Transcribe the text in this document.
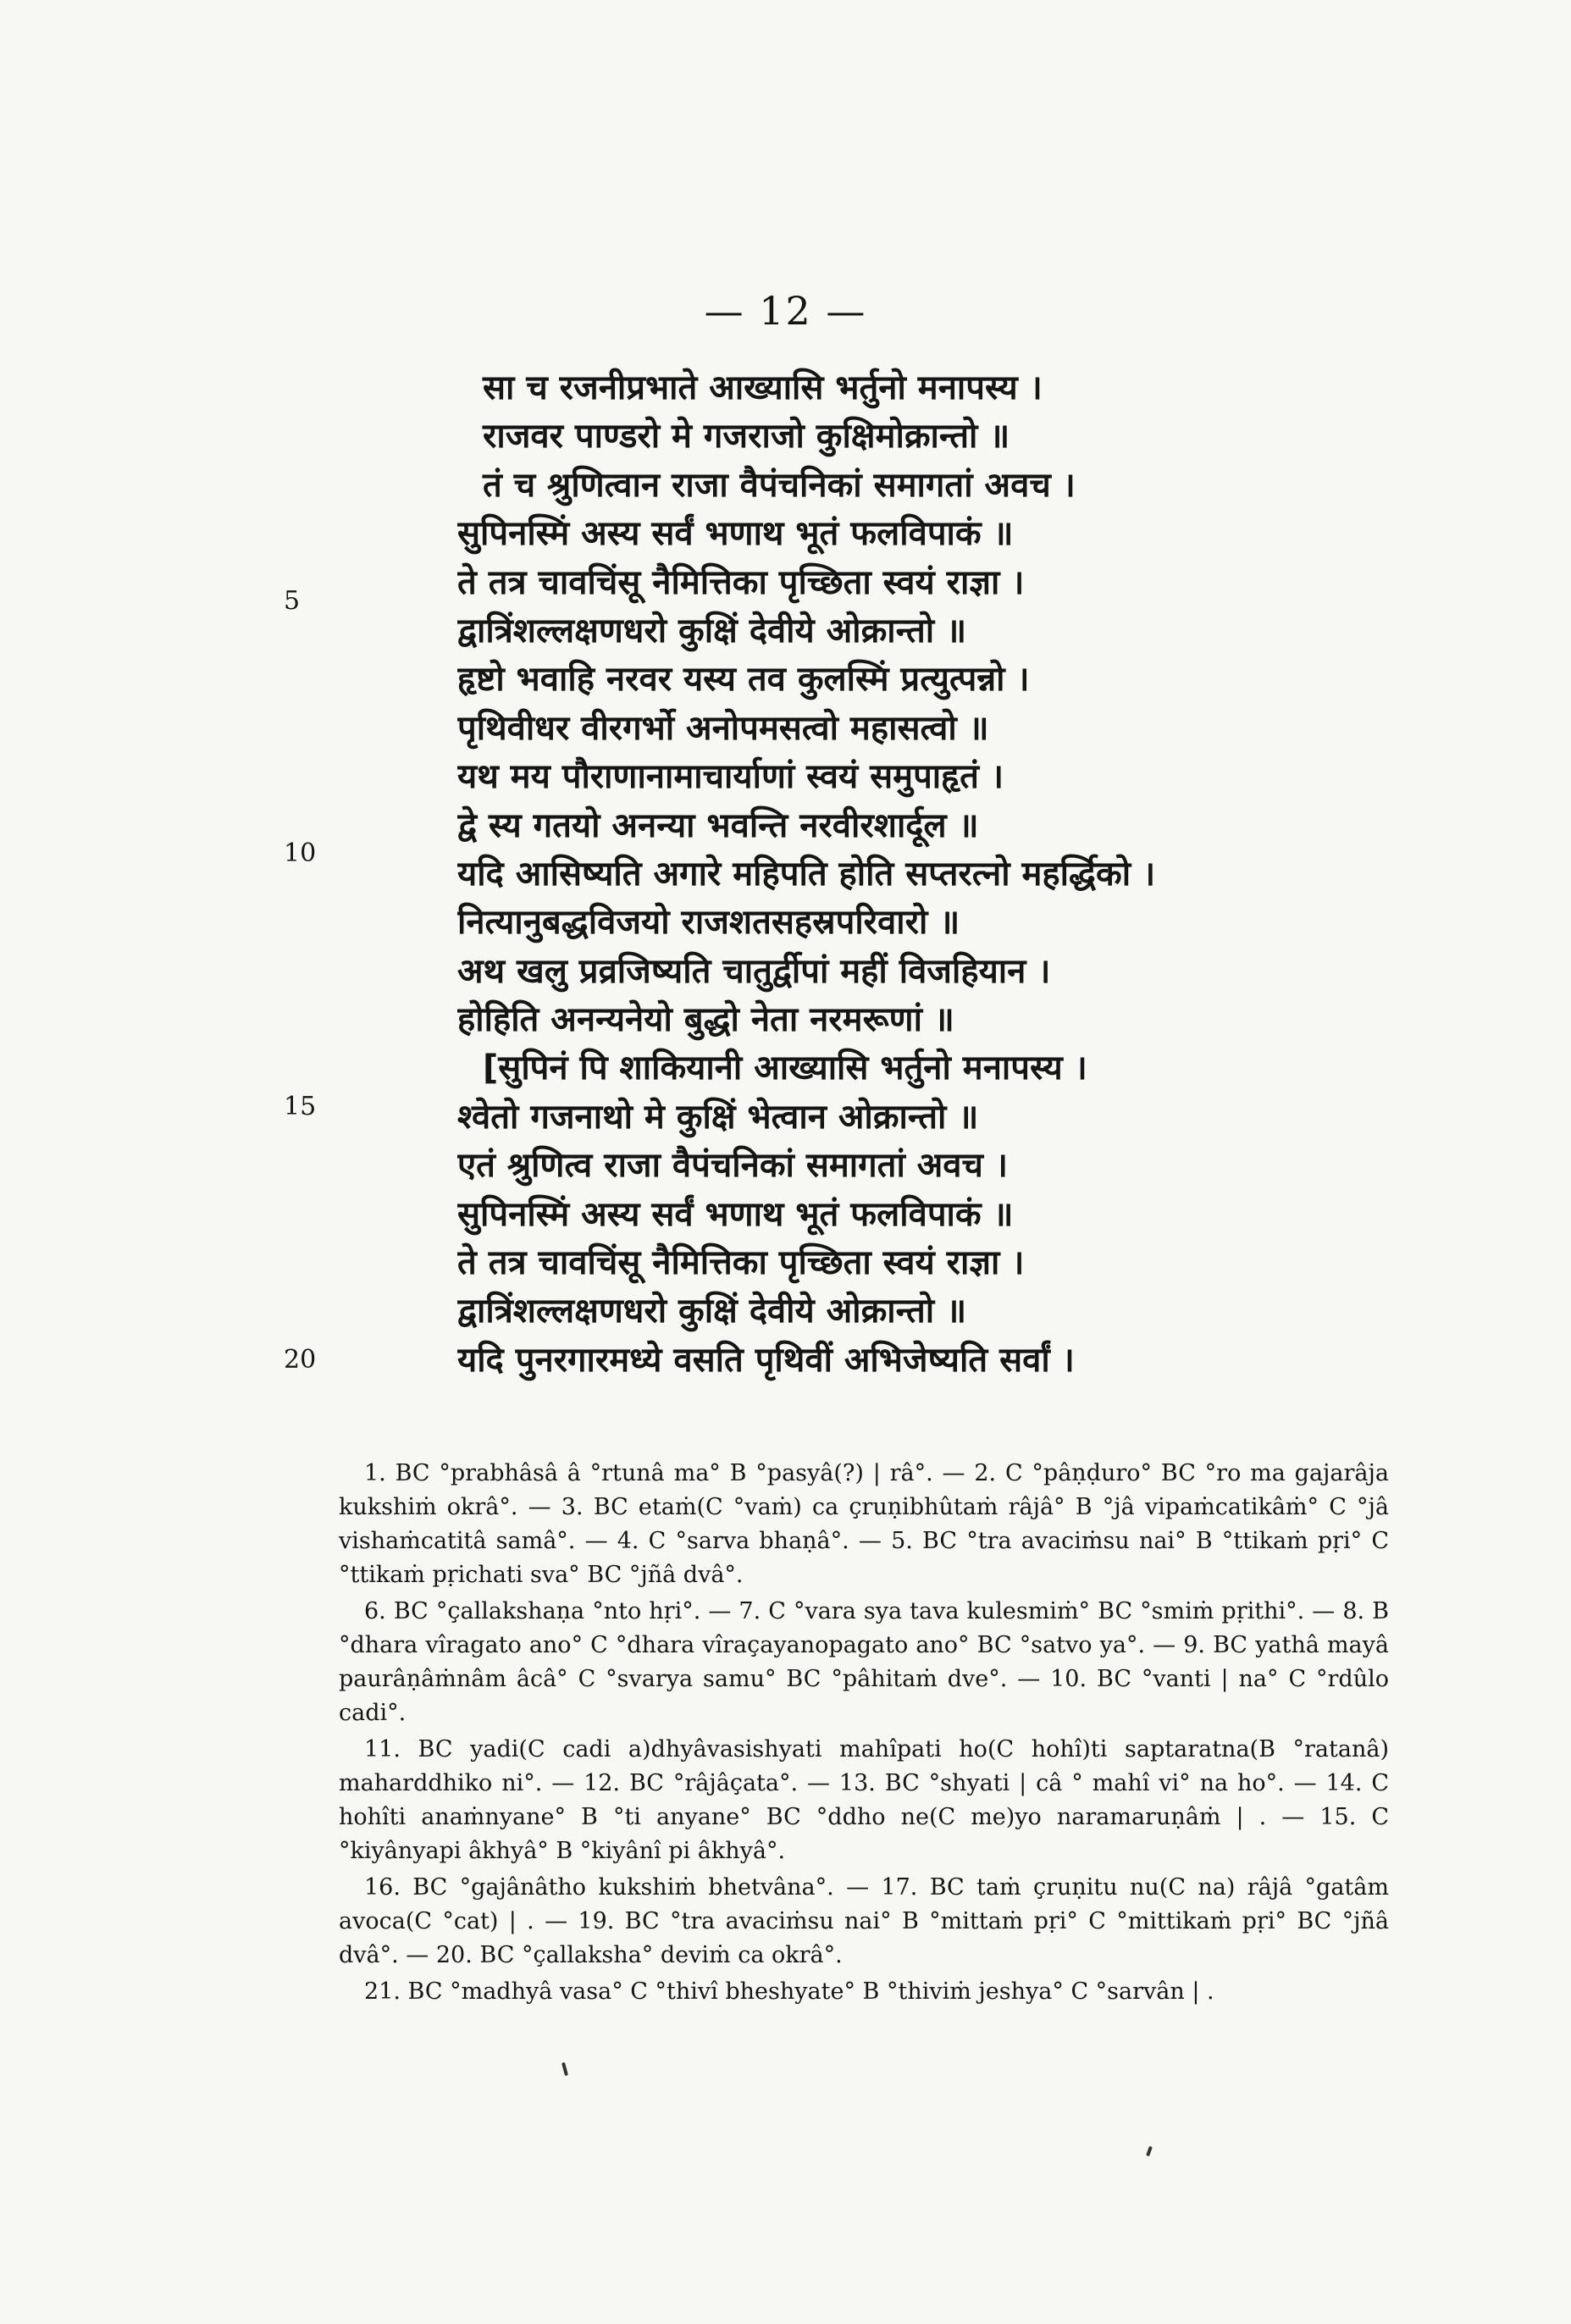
— 12 —
5
10
15
20
सा च रजनीप्रभाते आख्यासि भर्तुनो मनापस्य ।
राजवर पाण्डरो मे गजराजो कुक्षिमोक्रान्तो ॥
तं च श्रुणित्वान राजा वैपंचनिकां समागतां अवच ।
सुपिनस्मिं अस्य सर्वं भणाथ भूतं फलविपाकं ॥
ते तत्र चावचिंसू नैमित्तिका पृच्छिता स्वयं राज्ञा ।
द्वात्रिंशल्लक्षणधरो कुक्षिं देवीये ओक्रान्तो ॥
हृष्टो भवाहि नरवर यस्य तव कुलस्मिं प्रत्युत्पन्नो ।
पृथिवीधर वीरगर्भो अनोपमसत्वो महासत्वो ॥
यथ मय पौराणानामाचार्याणां स्वयं समुपाहृतं ।
द्वे स्य गतयो अनन्या भवन्ति नरवीरशार्दूल ॥
यदि आसिष्यति अगारे महिपति होति सप्तरत्नो महर्द्धिको ।
नित्यानुबद्धविजयो राजशतसहस्रपरिवारो ॥
अथ खलु प्रव्रजिष्यति चातुर्द्वीपां महीं विजहियान ।
होहिति अनन्यनेयो बुद्धो नेता नरमरूणां ॥
[सुपिनं पि शाकियानी आख्यासि भर्तुनो मनापस्य ।
श्वेतो गजनाथो मे कुक्षिं भेत्वान ओक्रान्तो ॥
एतं श्रुणित्व राजा वैपंचनिकां समागतां अवच ।
सुपिनस्मिं अस्य सर्वं भणाथ भूतं फलविपाकं ॥
ते तत्र चावचिंसू नैमित्तिका पृच्छिता स्वयं राज्ञा ।
द्वात्रिंशल्लक्षणधरो कुक्षिं देवीये ओक्रान्तो ॥
यदि पुनरगारमध्ये वसति पृथिवीं अभिजेष्यति सर्वां ।

1. BC °prabhâsâ â °rtunâ ma° B °pasyâ(?) | râ°. — 2. C °pâṇḍuro° BC °ro ma gajarâja kukshiṁ okrâ°. — 3. BC etaṁ(C °vaṁ) ca çruṇibhûtaṁ râjâ° B °jâ vipaṁcatikâṁ° C °jâ vishaṁcatitâ samâ°. — 4. C °sarva bhaṇâ°. — 5. BC °tra avaciṁsu nai° B °ttikaṁ pṛi° C °ttikaṁ pṛichati sva° BC °jñâ dvâ°.

6. BC °çallakshaṇa °nto hṛi°. — 7. C °vara sya tava kulesmiṁ° BC °smiṁ pṛithi°. — 8. B °dhara vîragato ano° C °dhara vîraçayanopagato ano° BC °satvo ya°. — 9. BC yathâ mayâ paurâṇâṁnâm âcâ° C °svarya samu° BC °pâhitaṁ dve°. — 10. BC °vanti | na° C °rdûlo cadi°.

11. BC yadi(C cadi a)dhyâvasishyati mahîpati ho(C hohî)ti saptaratna(B °ratanâ) maharddhiko ni°. — 12. BC °râjâçata°. — 13. BC °shyati | câ ° mahî vi° na ho°. — 14. C hohîti anaṁnyane° B °ti anyane° BC °ddho ne(C me)yo naramaruṇâṁ | . — 15. C °kiyânyapi âkhyâ° B °kiyânî pi âkhyâ°.

16. BC °gajânâtho kukshiṁ bhetvâna°. — 17. BC taṁ çruṇitu nu(C na) râjâ °gatâm avoca(C °cat) | . — 19. BC °tra avaciṁsu nai° B °mittaṁ pṛi° C °mittikaṁ pṛi° BC °jñâ dvâ°. — 20. BC °çallaksha° deviṁ ca okrâ°.

21. BC °madhyâ vasa° C °thivî bheshyate° B °thiviṁ jeshya° C °sarvân | .
